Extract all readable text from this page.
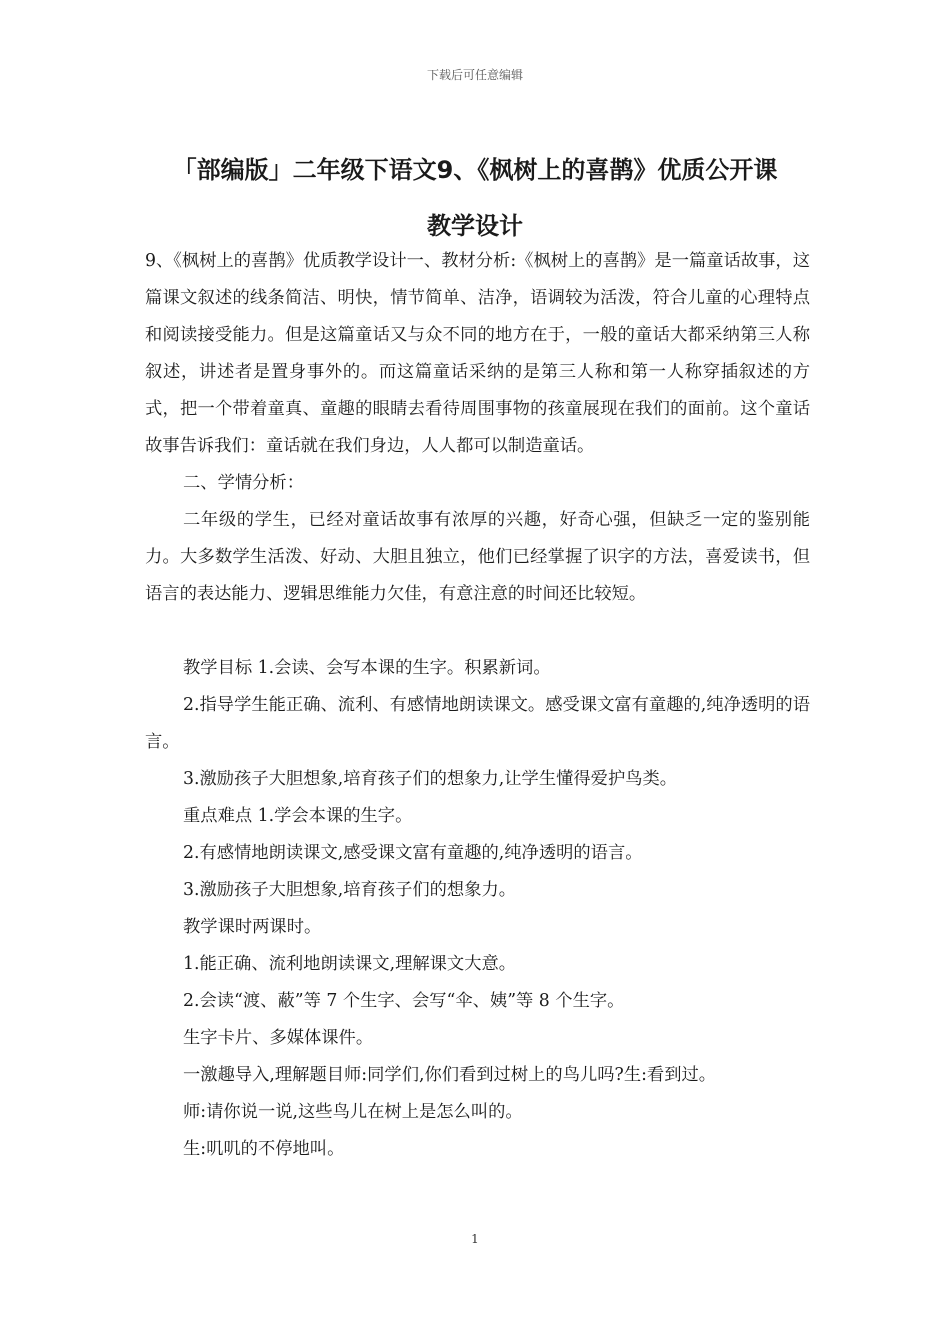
下载后可任意编辑
「部编版」二年级下语文9、《枫树上的喜鹊》优质公开课
教学设计

9、《枫树上的喜鹊》优质教学设计一、教材分析:《枫树上的喜鹊》是一篇童话故事，这篇课文叙述的线条简洁、明快，情节简单、洁净，语调较为活泼，符合儿童的心理特点和阅读接受能力。但是这篇童话又与众不同的地方在于，一般的童话大都采纳第三人称叙述，讲述者是置身事外的。而这篇童话采纳的是第三人称和第一人称穿插叙述的方式，把一个带着童真、童趣的眼睛去看待周围事物的孩童展现在我们的面前。这个童话故事告诉我们：童话就在我们身边，人人都可以制造童话。

二、学情分析：

二年级的学生，已经对童话故事有浓厚的兴趣，好奇心强，但缺乏一定的鉴别能力。大多数学生活泼、好动、大胆且独立，他们已经掌握了识字的方法，喜爱读书，但语言的表达能力、逻辑思维能力欠佳，有意注意的时间还比较短。

教学目标 1.会读、会写本课的生字。积累新词。

2.指导学生能正确、流利、有感情地朗读课文。感受课文富有童趣的,纯净透明的语言。

3.激励孩子大胆想象,培育孩子们的想象力,让学生懂得爱护鸟类。

重点难点 1.学会本课的生字。

2.有感情地朗读课文,感受课文富有童趣的,纯净透明的语言。

3.激励孩子大胆想象,培育孩子们的想象力。

教学课时两课时。

1.能正确、流利地朗读课文,理解课文大意。

2.会读“渡、蔽”等 7 个生字、会写“伞、姨”等 8 个生字。

生字卡片、多媒体课件。

一激趣导入,理解题目师:同学们,你们看到过树上的鸟儿吗?生:看到过。

师:请你说一说,这些鸟儿在树上是怎么叫的。

生:叽叽的不停地叫。

1
